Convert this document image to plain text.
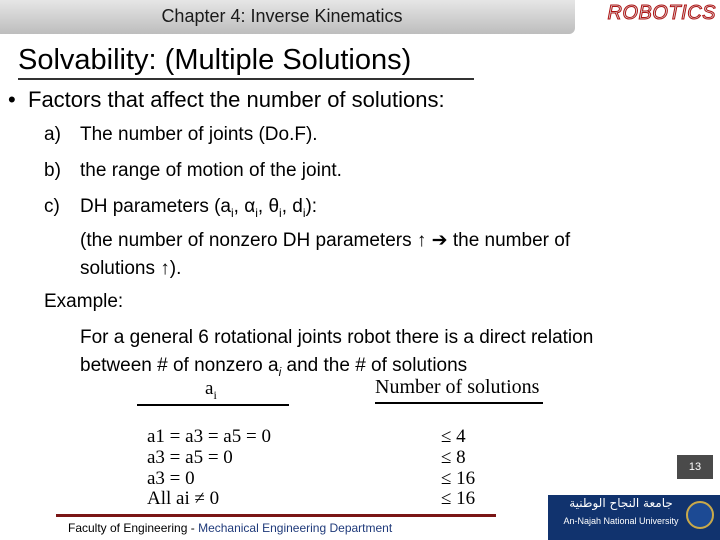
Chapter 4: Inverse Kinematics	ROBOTICS
Solvability: (Multiple Solutions)
• Factors that affect the number of solutions:
a) The number of joints (Do.F).
b) the range of motion of the joint.
c) DH parameters ($a_i$, $\alpha_i$, $\theta_i$, $d_i$):
(the number of nonzero DH parameters ↑ ➔ the number of
solutions ↑).
Example:
For a general 6 rotational joints robot there is a direct relation
between # of nonzero $a_i$ and the # of solutions
$a_i$	Number of solutions
a1 = a3 = a5 = 0	≤ 4
a3 = a5 = 0	≤ 8
a3 = 0	≤ 16
All ai ≠ 0	≤ 16
13
Faculty of Engineering - Mechanical Engineering Department
جامعة النجاح الوطنية
An-Najah National University
